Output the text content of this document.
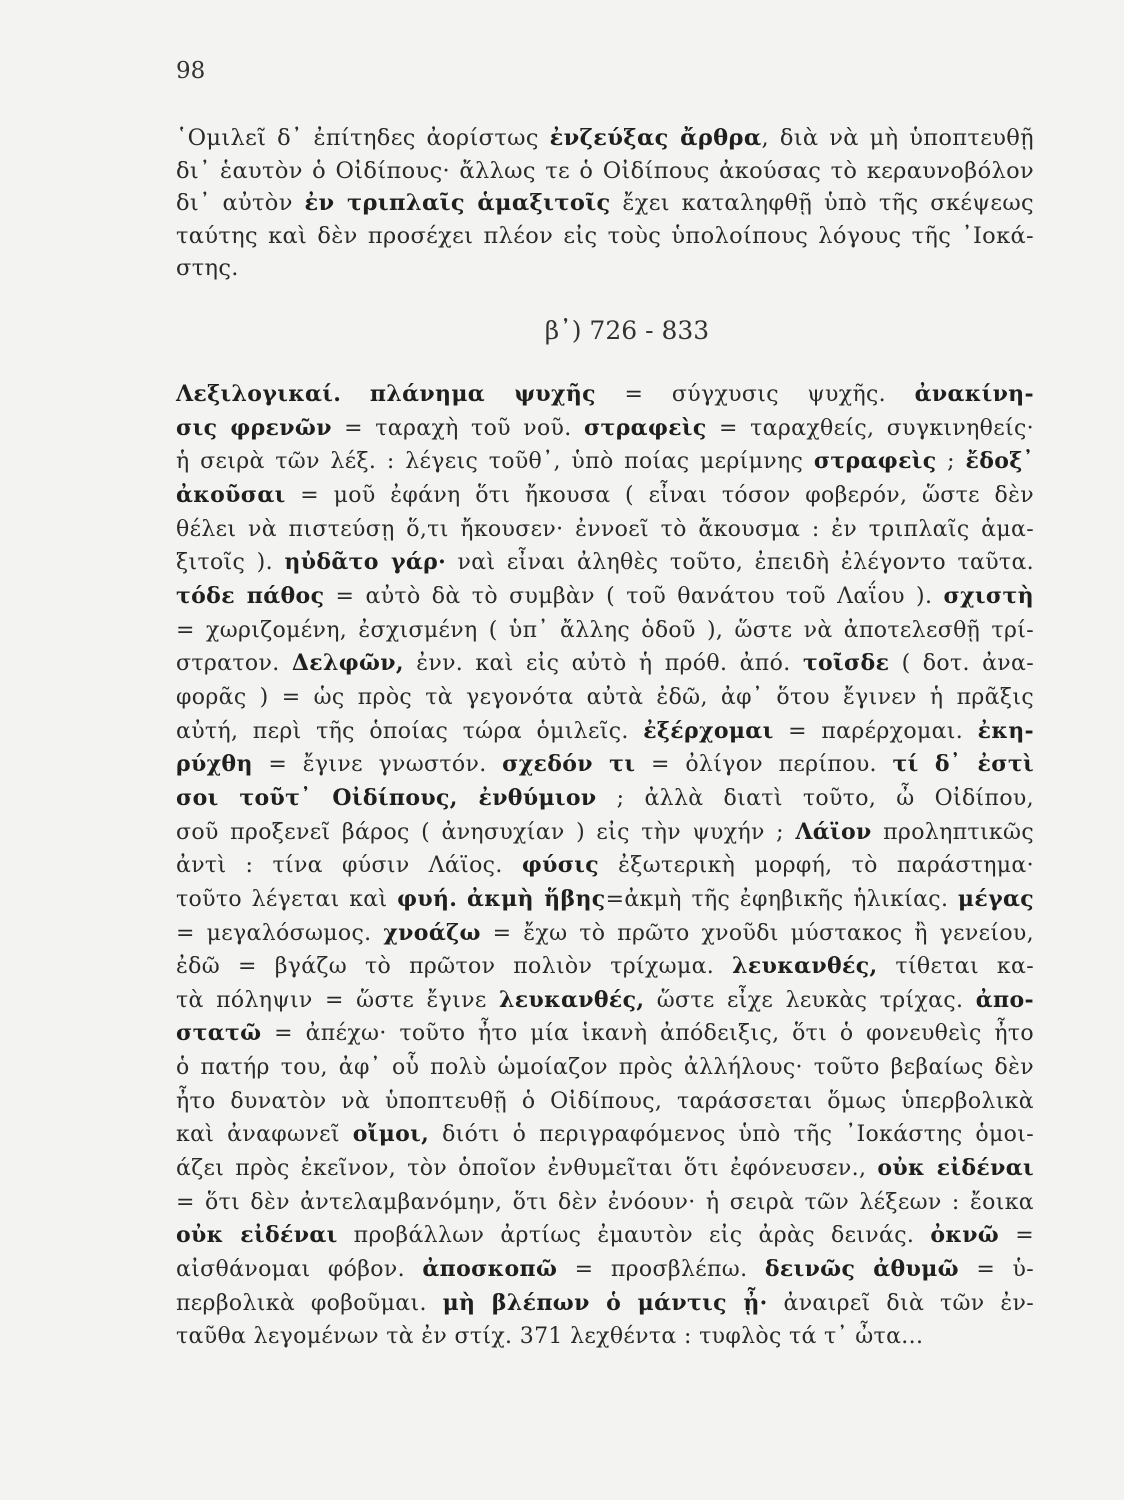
98
῾Ομιλεῖ δ᾽ ἐπίτηδες ἀορίστως ἐνζεύξας ἄρθρα, διὰ νὰ μὴ ὑποπτευθῇ
δι᾽ ἑαυτὸν ὁ Οἰδίπους· ἄλλως τε ὁ Οἰδίπους ἀκούσας τὸ κεραυνοβόλον
δι᾽ αὐτὸν ἐν τριπλαῖς ἁμαξιτοῖς ἔχει καταληφθῇ ὑπὸ τῆς σκέψεως
ταύτης καὶ δὲν προσέχει πλέον εἰς τοὺς ὑπολοίπους λόγους τῆς ᾽Ιοκά-
στης.
β᾽) 726 - 833
Λεξιλογικαί. πλάνημα ψυχῆς = σύγχυσις ψυχῆς. ἀνακίνη-
σις φρενῶν = ταραχὴ τοῦ νοῦ. στραφεὶς = ταραχθείς, συγκινηθείς·
ἡ σειρὰ τῶν λέξ. : λέγεις τοῦθ᾽, ὑπὸ ποίας μερίμνης στραφεὶς ; ἔδοξ᾽
ἀκοῦσαι = μοῦ ἐφάνη ὅτι ἤκουσα ( εἶναι τόσον φοβερόν, ὥστε δὲν
θέλει νὰ πιστεύσῃ ὅ,τι ἤκουσεν· ἐννοεῖ τὸ ἄκουσμα : ἐν τριπλαῖς ἁμα-
ξιτοῖς ). ηὐδᾶτο γάρ· ναὶ εἶναι ἀληθὲς τοῦτο, ἐπειδὴ ἐλέγοντο ταῦτα.
τόδε πάθος = αὐτὸ δὰ τὸ συμβὰν ( τοῦ θανάτου τοῦ Λαΐου ). σχιστὴ
= χωριζομένη, ἐσχισμένη ( ὑπ᾽ ἄλλης ὁδοῦ ), ὥστε νὰ ἀποτελεσθῇ τρί-
στρατον. Δελφῶν, ἐνν. καὶ εἰς αὐτὸ ἡ πρόθ. ἀπό. τοῖσδε ( δοτ. ἀνα-
φορᾶς ) = ὡς πρὸς τὰ γεγονότα αὐτὰ ἐδῶ, ἀφ᾽ ὅτου ἔγινεν ἡ πρᾶξις
αὐτή, περὶ τῆς ὁποίας τώρα ὁμιλεῖς. ἐξέρχομαι = παρέρχομαι. ἐκη-
ρύχθη = ἔγινε γνωστόν. σχεδόν τι = ὀλίγον περίπου. τί δ᾽ ἐστὶ
σοι τοῦτ᾽ Οἰδίπους, ἐνθύμιον ; ἀλλὰ διατὶ τοῦτο, ὦ Οἰδίπου,
σοῦ προξενεῖ βάρος ( ἀνησυχίαν ) εἰς τὴν ψυχήν ; Λάϊον προληπτικῶς
ἀντὶ : τίνα φύσιν Λάϊος. φύσις ἐξωτερικὴ μορφή, τὸ παράστημα·
τοῦτο λέγεται καὶ φυή. ἀκμὴ ἥβης=ἀκμὴ τῆς ἐφηβικῆς ἡλικίας. μέγας
= μεγαλόσωμος. χνοάζω = ἔχω τὸ πρῶτο χνοῦδι μύστακος ἢ γενείου,
ἐδῶ = βγάζω τὸ πρῶτον πολιὸν τρίχωμα. λευκανθές, τίθεται κα-
τὰ πόληψιν = ὥστε ἔγινε λευκανθές, ὥστε εἶχε λευκὰς τρίχας. ἀπο-
στατῶ = ἀπέχω· τοῦτο ἦτο μία ἱκανὴ ἀπόδειξις, ὅτι ὁ φονευθεὶς ἦτο
ὁ πατήρ του, ἀφ᾽ οὗ πολὺ ὡμοίαζον πρὸς ἀλλήλους· τοῦτο βεβαίως δὲν
ἦτο δυνατὸν νὰ ὑποπτευθῇ ὁ Οἰδίπους, ταράσσεται ὅμως ὑπερβολικὰ
καὶ ἀναφωνεῖ οἴμοι, διότι ὁ περιγραφόμενος ὑπὸ τῆς ᾽Ιοκάστης ὁμοι-
άζει πρὸς ἐκεῖνον, τὸν ὁποῖον ἐνθυμεῖται ὅτι ἐφόνευσεν., οὐκ εἰδέναι
= ὅτι δὲν ἀντελαμβανόμην, ὅτι δὲν ἐνόουν· ἡ σειρὰ τῶν λέξεων : ἔοικα
οὐκ εἰδέναι προβάλλων ἀρτίως ἐμαυτὸν εἰς ἀρὰς δεινάς. ὀκνῶ =
αἰσθάνομαι φόβον. ἀποσκοπῶ = προσβλέπω. δεινῶς ἀθυμῶ = ὑ-
περβολικὰ φοβοῦμαι. μὴ βλέπων ὁ μάντις ᾖ· ἀναιρεῖ διὰ τῶν ἐν-
ταῦθα λεγομένων τὰ ἐν στίχ. 371 λεχθέντα : τυφλὸς τά τ᾽ ὦτα...
